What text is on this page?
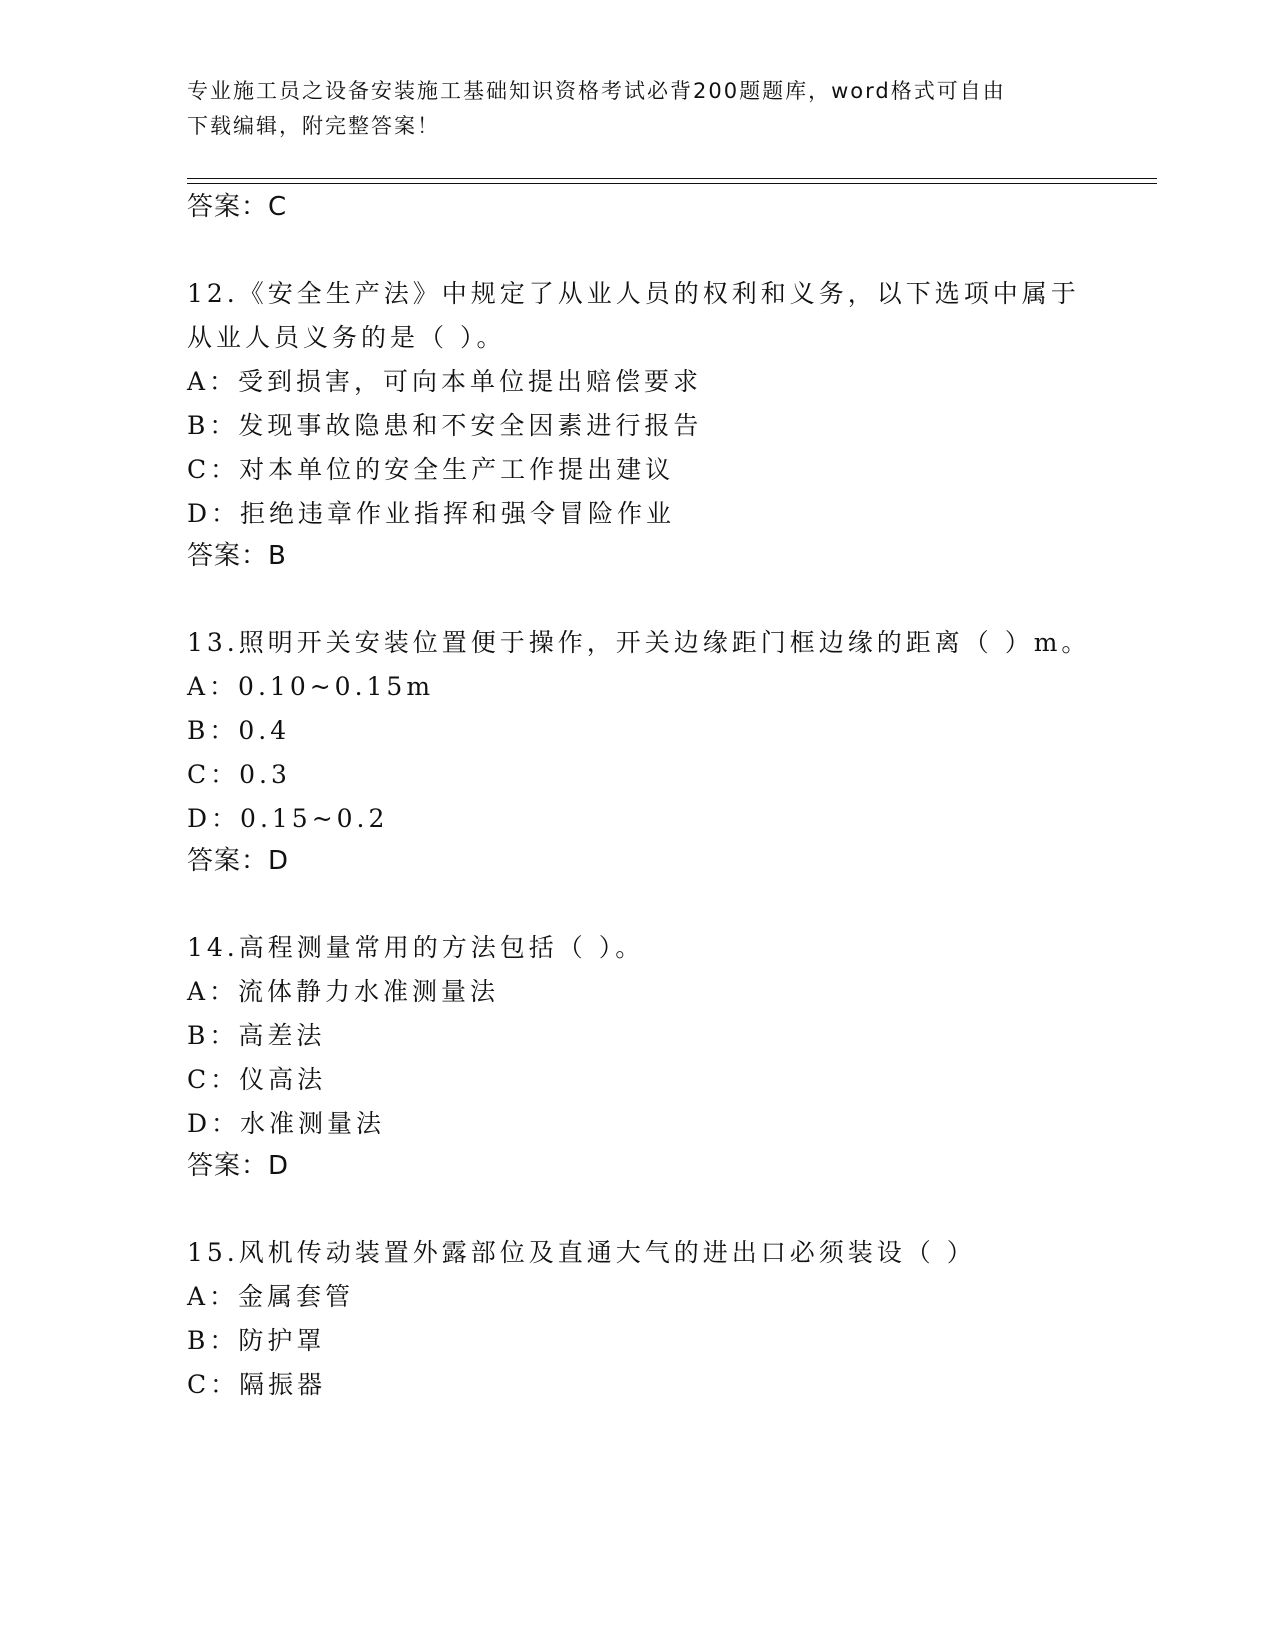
专业施工员之设备安装施工基础知识资格考试必背200题题库，word格式可自由
下载编辑，附完整答案！
答案：C
12.《安全生产法》中规定了从业人员的权利和义务，以下选项中属于
从业人员义务的是（ ）。
A：受到损害，可向本单位提出赔偿要求
B：发现事故隐患和不安全因素进行报告
C：对本单位的安全生产工作提出建议
D：拒绝违章作业指挥和强令冒险作业
答案：B
13.照明开关安装位置便于操作，开关边缘距门框边缘的距离（ ）m。
A：0.10~0.15m
B：0.4
C：0.3
D：0.15~0.2
答案：D
14.高程测量常用的方法包括（ ）。
A：流体静力水准测量法
B：高差法
C：仪高法
D：水准测量法
答案：D
15.风机传动装置外露部位及直通大气的进出口必须装设（ ）
A：金属套管
B：防护罩
C：隔振器
